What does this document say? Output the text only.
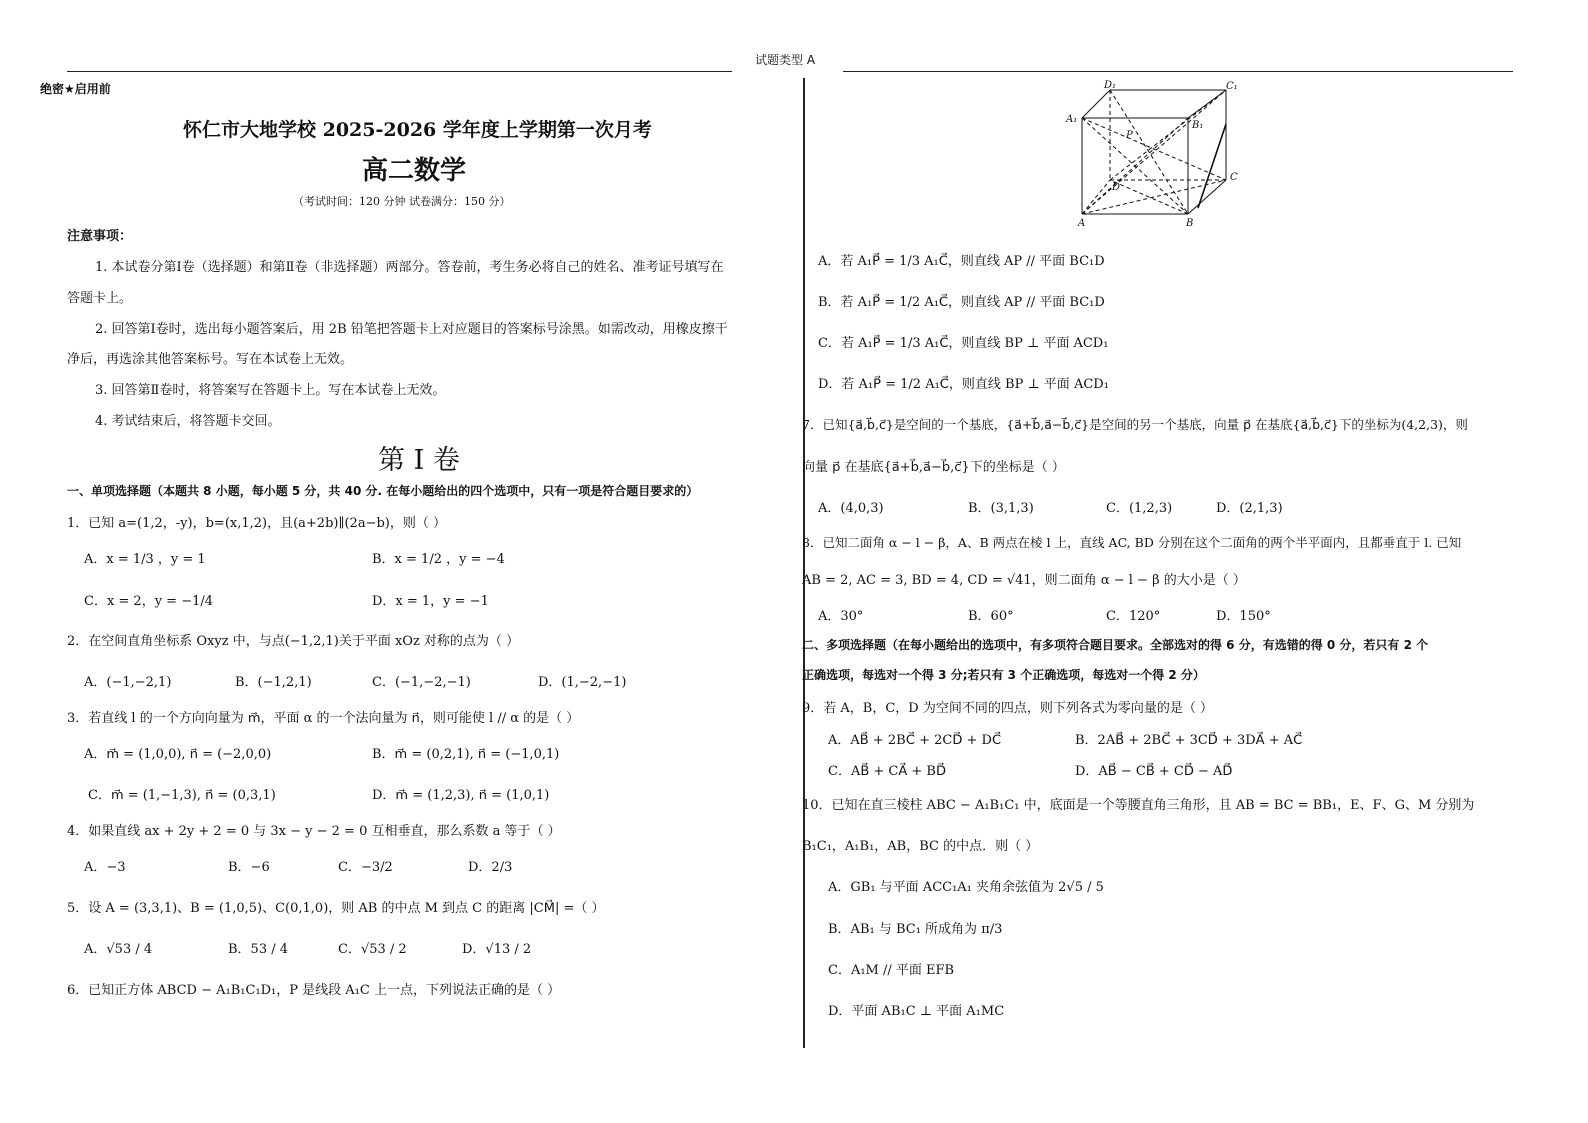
试题类型 A
绝密★启用前
怀仁市大地学校 2025-2026 学年度上学期第一次月考
高二数学
（考试时间：120 分钟 试卷满分：150 分）
注意事项：
1. 本试卷分第Ⅰ卷（选择题）和第Ⅱ卷（非选择题）两部分。答卷前，考生务必将自己的姓名、准考证号填写在
答题卡上。
2. 回答第Ⅰ卷时，选出每小题答案后，用 2B 铅笔把答题卡上对应题目的答案标号涂黑。如需改动，用橡皮擦干
净后，再选涂其他答案标号。写在本试卷上无效。
3. 回答第Ⅱ卷时，将答案写在答题卡上。写在本试卷上无效。
4. 考试结束后，将答题卡交回。
第 I 卷
一、单项选择题（本题共 8 小题，每小题 5 分，共 40 分. 在每小题给出的四个选项中，只有一项是符合题目要求的）
1．已知 a=(1,2，-y)，b=(x,1,2)，且(a+2b)∥(2a−b)，则（ ）
A．x = 1/3 ，y = 1	B．x = 1/2 ，y = −4
C．x = 2，y = −1/4	D．x = 1，y = −1
2．在空间直角坐标系 Oxyz 中，与点(−1,2,1)关于平面 xOz 对称的点为（ ）
A．(−1,−2,1)	B．(−1,2,1)	C．(−1,−2,−1)	D．(1,−2,−1)
3．若直线 l 的一个方向向量为 m⃗，平面 α 的一个法向量为 n⃗，则可能使 l // α 的是（ ）
A．m⃗ = (1,0,0), n⃗ = (−2,0,0)	B．m⃗ = (0,2,1), n⃗ = (−1,0,1)
C．m⃗ = (1,−1,3), n⃗ = (0,3,1)	D．m⃗ = (1,2,3), n⃗ = (1,0,1)
4．如果直线 ax + 2y + 2 = 0 与 3x − y − 2 = 0 互相垂直，那么系数 a 等于（ ）
A．−3	B．−6	C．−3/2	D．2/3
5．设 A = (3,3,1)、B = (1,0,5)、C(0,1,0)，则 AB 的中点 M 到点 C 的距离 |CM⃗| =（ ）
A．√53 / 4	B．53 / 4	C．√53 / 2	D．√13 / 2
6．已知正方体 ABCD − A₁B₁C₁D₁，P 是线段 A₁C 上一点，下列说法正确的是（ ）
D₁	C₁
A₁
B₁
P
D
C
A	B
A．若 A₁P⃗ = 1/3 A₁C⃗，则直线 AP // 平面 BC₁D
B．若 A₁P⃗ = 1/2 A₁C⃗，则直线 AP // 平面 BC₁D
C．若 A₁P⃗ = 1/3 A₁C⃗，则直线 BP ⊥ 平面 ACD₁
D．若 A₁P⃗ = 1/2 A₁C⃗，则直线 BP ⊥ 平面 ACD₁
7．已知{a⃗,b⃗,c⃗}是空间的一个基底，{a⃗+b⃗,a⃗−b⃗,c⃗}是空间的另一个基底，向量 p⃗ 在基底{a⃗,b⃗,c⃗}下的坐标为(4,2,3)，则
向量 p⃗ 在基底{a⃗+b⃗,a⃗−b⃗,c⃗}下的坐标是（ ）
A．(4,0,3)	B．(3,1,3)	C．(1,2,3)	D．(2,1,3)
8．已知二面角 α − l − β，A、B 两点在棱 l 上，直线 AC, BD 分别在这个二面角的两个半平面内，且都垂直于 l. 已知
AB = 2, AC = 3, BD = 4, CD = √41，则二面角 α − l − β 的大小是（ ）
A．30°	B．60°	C．120°	D．150°
二、多项选择题（在每小题给出的选项中，有多项符合题目要求。全部选对的得 6 分，有选错的得 0 分，若只有 2 个
正确选项，每选对一个得 3 分;若只有 3 个正确选项，每选对一个得 2 分）
9．若 A，B，C，D 为空间不同的四点，则下列各式为零向量的是（ ）
A．AB⃗ + 2BC⃗ + 2CD⃗ + DC⃗	B．2AB⃗ + 2BC⃗ + 3CD⃗ + 3DA⃗ + AC⃗
C．AB⃗ + CA⃗ + BD⃗	D．AB⃗ − CB⃗ + CD⃗ − AD⃗
10．已知在直三棱柱 ABC − A₁B₁C₁ 中，底面是一个等腰直角三角形，且 AB = BC = BB₁，E、F、G、M 分别为
B₁C₁，A₁B₁，AB，BC 的中点．则（ ）
A．GB₁ 与平面 ACC₁A₁ 夹角余弦值为 2√5 / 5
B．AB₁ 与 BC₁ 所成角为 π/3
C．A₁M // 平面 EFB
D．平面 AB₁C ⊥ 平面 A₁MC
